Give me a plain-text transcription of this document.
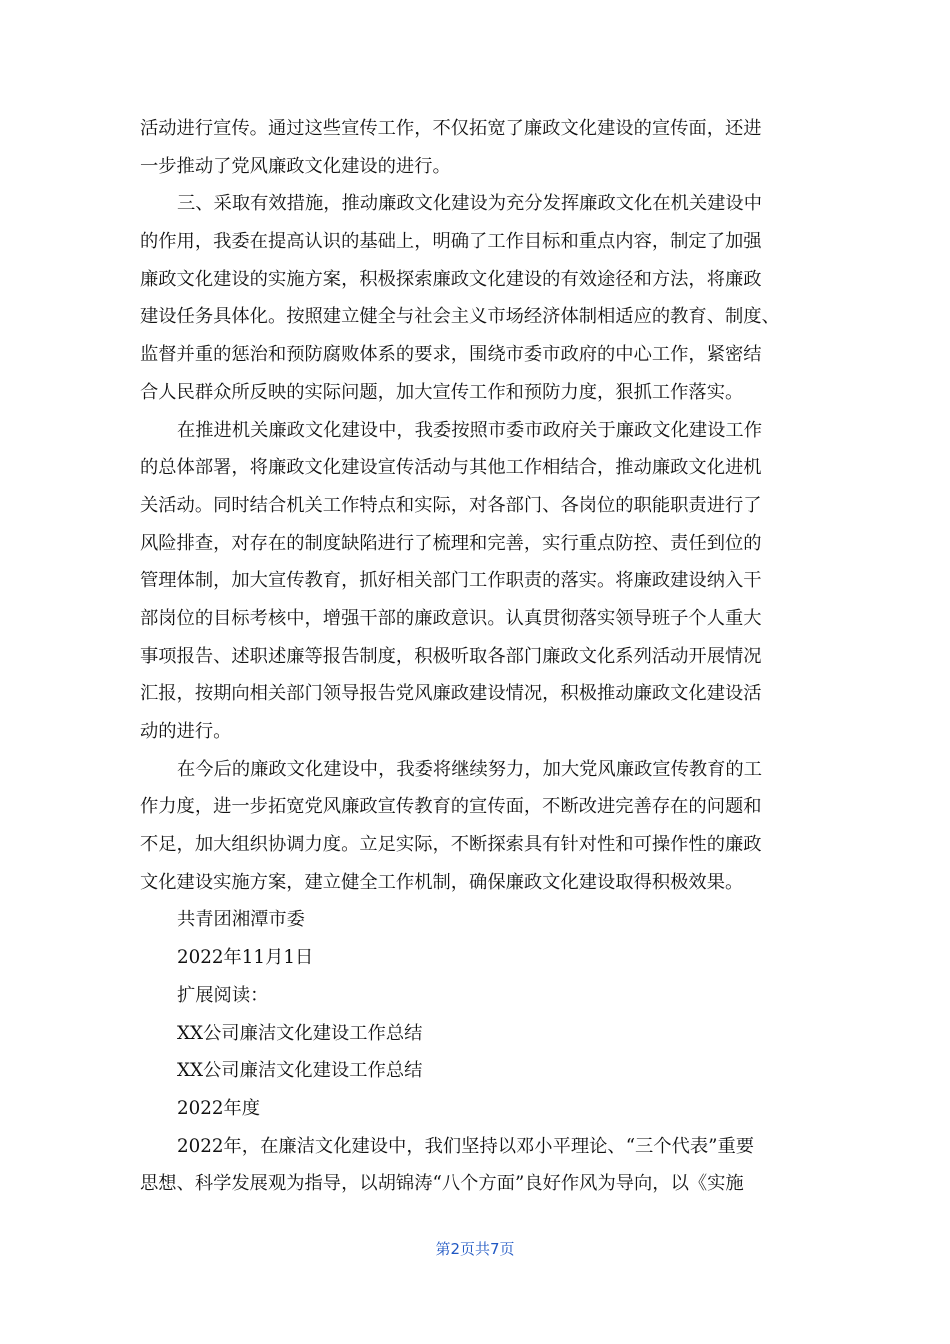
活动进行宣传。通过这些宣传工作，不仅拓宽了廉政文化建设的宣传面，还进
一步推动了党风廉政文化建设的进行。
三、采取有效措施，推动廉政文化建设为充分发挥廉政文化在机关建设中
的作用，我委在提高认识的基础上，明确了工作目标和重点内容，制定了加强
廉政文化建设的实施方案，积极探索廉政文化建设的有效途径和方法，将廉政
建设任务具体化。按照建立健全与社会主义市场经济体制相适应的教育、制度、
监督并重的惩治和预防腐败体系的要求，围绕市委市政府的中心工作，紧密结
合人民群众所反映的实际问题，加大宣传工作和预防力度，狠抓工作落实。
在推进机关廉政文化建设中，我委按照市委市政府关于廉政文化建设工作
的总体部署，将廉政文化建设宣传活动与其他工作相结合，推动廉政文化进机
关活动。同时结合机关工作特点和实际，对各部门、各岗位的职能职责进行了
风险排查，对存在的制度缺陷进行了梳理和完善，实行重点防控、责任到位的
管理体制，加大宣传教育，抓好相关部门工作职责的落实。将廉政建设纳入干
部岗位的目标考核中，增强干部的廉政意识。认真贯彻落实领导班子个人重大
事项报告、述职述廉等报告制度，积极听取各部门廉政文化系列活动开展情况
汇报，按期向相关部门领导报告党风廉政建设情况，积极推动廉政文化建设活
动的进行。
在今后的廉政文化建设中，我委将继续努力，加大党风廉政宣传教育的工
作力度，进一步拓宽党风廉政宣传教育的宣传面，不断改进完善存在的问题和
不足，加大组织协调力度。立足实际，不断探索具有针对性和可操作性的廉政
文化建设实施方案，建立健全工作机制，确保廉政文化建设取得积极效果。
共青团湘潭市委
2022年11月1日
扩展阅读：
XX公司廉洁文化建设工作总结
XX公司廉洁文化建设工作总结
2022年度
2022年，在廉洁文化建设中，我们坚持以邓小平理论、“三个代表”重要
思想、科学发展观为指导，以胡锦涛“八个方面”良好作风为导向，以《实施
第2页共7页
